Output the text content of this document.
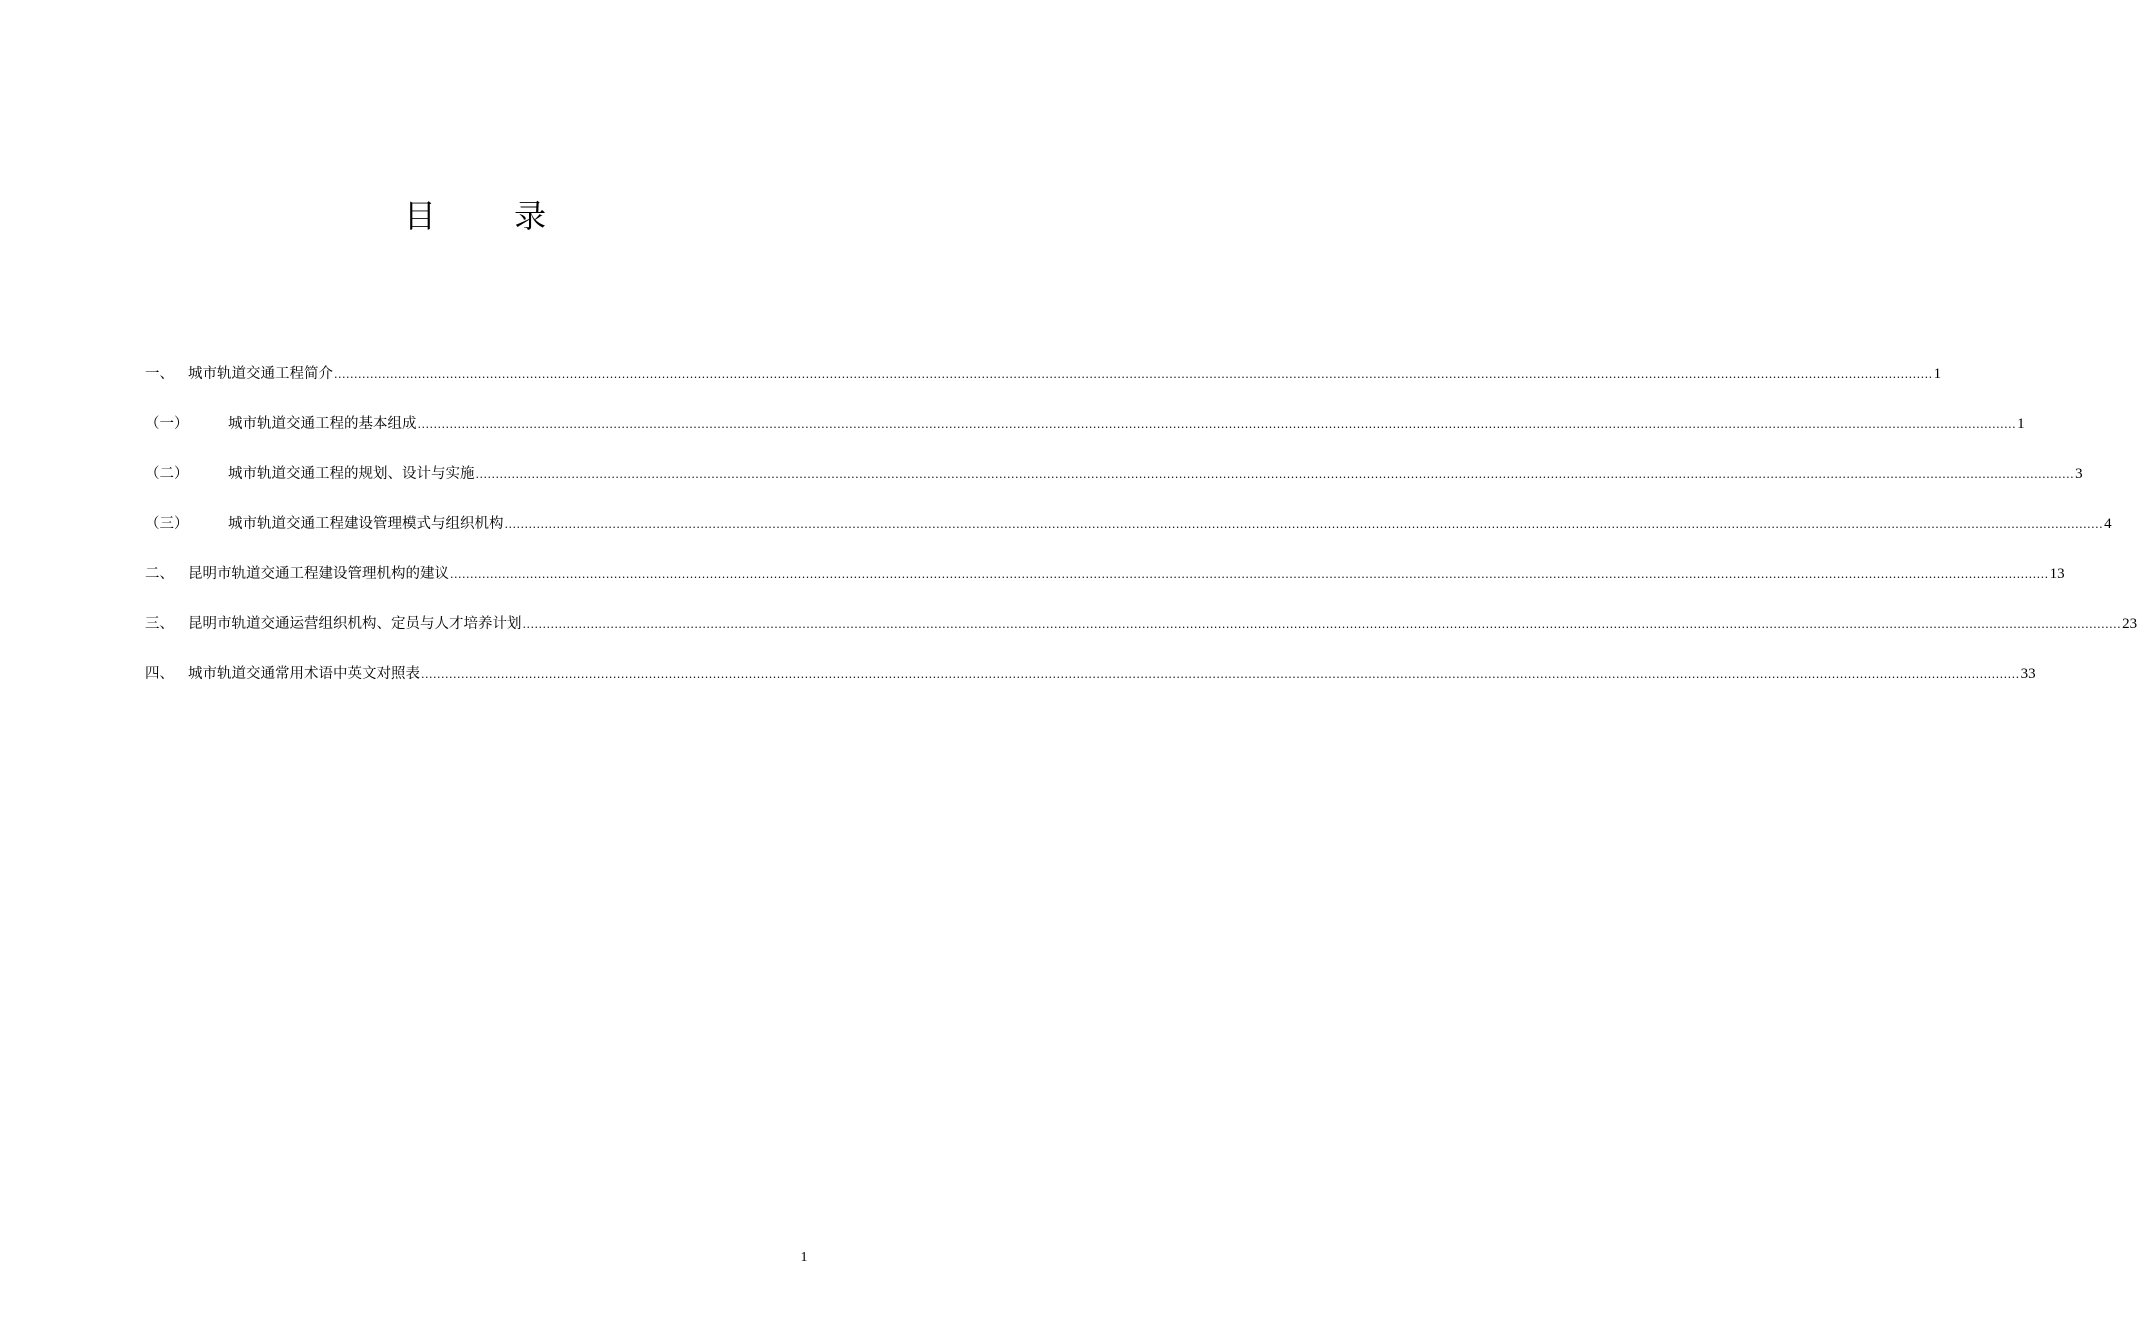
目 录
一、 城市轨道交通工程简介 ................................................................................................................................................................................................................................................................................................................................................................................................................ 1
（一）	城市轨道交通工程的基本组成 ................................................................................................................................................................................................................................................................................................................................................................................................................ 1
（二）	城市轨道交通工程的规划、设计与实施 ................................................................................................................................................................................................................................................................................................................................................................................................................ 3
（三）	城市轨道交通工程建设管理模式与组织机构 ................................................................................................................................................................................................................................................................................................................................................................................................................ 4
二、 昆明市轨道交通工程建设管理机构的建议 ................................................................................................................................................................................................................................................................................................................................................................................................................ 13
三、 昆明市轨道交通运营组织机构、定员与人才培养计划 ................................................................................................................................................................................................................................................................................................................................................................................................................ 23
四、 城市轨道交通常用术语中英文对照表 ................................................................................................................................................................................................................................................................................................................................................................................................................ 33
1
